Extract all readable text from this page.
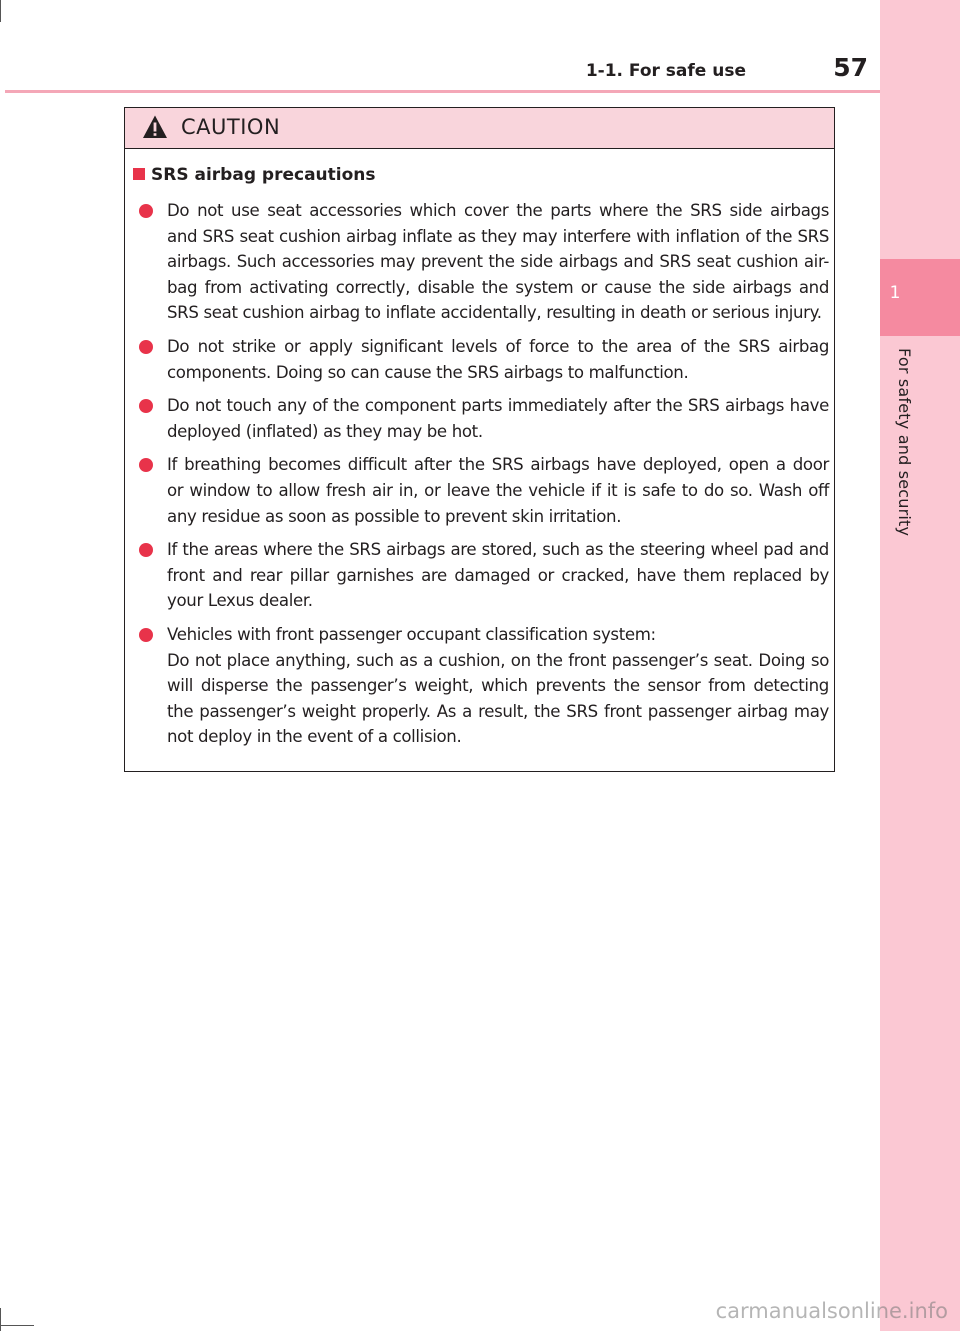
1
For safety and security
1-1. For safe use	57
CAUTION
SRS airbag precautions
Do not use seat accessories which cover the parts where the SRS side airbags
and SRS seat cushion airbag inflate as they may interfere with inflation of the SRS
airbags. Such accessories may prevent the side airbags and SRS seat cushion air-
bag from activating correctly, disable the system or cause the side airbags and
SRS seat cushion airbag to inflate accidentally, resulting in death or serious injury.
Do not strike or apply significant levels of force to the area of the SRS airbag
components. Doing so can cause the SRS airbags to malfunction.
Do not touch any of the component parts immediately after the SRS airbags have
deployed (inflated) as they may be hot.
If breathing becomes difficult after the SRS airbags have deployed, open a door
or window to allow fresh air in, or leave the vehicle if it is safe to do so. Wash off
any residue as soon as possible to prevent skin irritation.
If the areas where the SRS airbags are stored, such as the steering wheel pad and
front and rear pillar garnishes are damaged or cracked, have them replaced by
your Lexus dealer.
Vehicles with front passenger occupant classification system:
Do not place anything, such as a cushion, on the front passenger’s seat. Doing so
will disperse the passenger’s weight, which prevents the sensor from detecting
the passenger’s weight properly. As a result, the SRS front passenger airbag may
not deploy in the event of a collision.
carmanualsonline.info
